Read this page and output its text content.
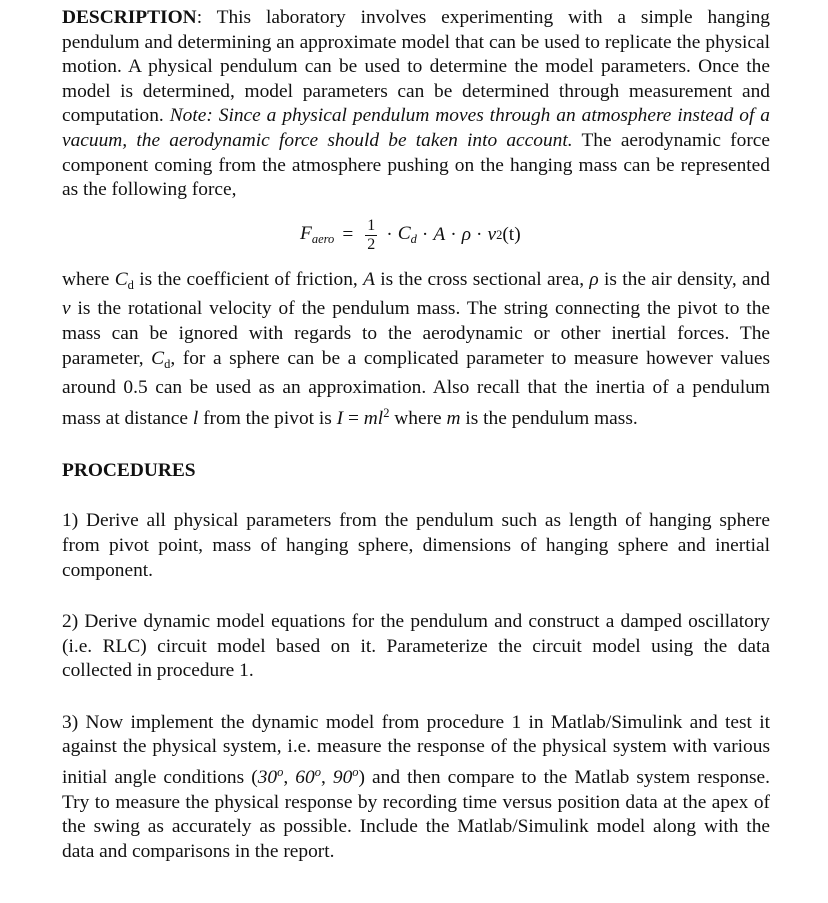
DESCRIPTION: This laboratory involves experimenting with a simple hanging pendulum and determining an approximate model that can be used to replicate the physical motion. A physical pendulum can be used to determine the model parameters. Once the model is determined, model parameters can be determined through measurement and computation. Note: Since a physical pendulum moves through an atmosphere instead of a vacuum, the aerodynamic force should be taken into account. The aerodynamic force component coming from the atmosphere pushing on the hanging mass can be represented as the following force,

$F_{aero} = \frac{1}{2} \cdot C_d \cdot A \cdot \rho \cdot v$ 2 (t)

where $C_d$ is the coefficient of friction, A is the cross sectional area, ρ is the air density, and v is the rotational velocity of the pendulum mass. The string connecting the pivot to the mass can be ignored with regards to the aerodynamic or other inertial forces. The parameter, $C_d$, for a sphere can be a complicated parameter to measure however values around 0.5 can be used as an approximation. Also recall that the inertia of a pendulum mass at distance l from the pivot is $I = ml^2$ where m is the pendulum mass.

PROCEDURES

1) Derive all physical parameters from the pendulum such as length of hanging sphere from pivot point, mass of hanging sphere, dimensions of hanging sphere and inertial component.

2) Derive dynamic model equations for the pendulum and construct a damped oscillatory (i.e. RLC) circuit model based on it. Parameterize the circuit model using the data collected in procedure 1.

3) Now implement the dynamic model from procedure 1 in Matlab/Simulink and test it against the physical system, i.e. measure the response of the physical system with various initial angle conditions (30$^o$, 60$^o$, 90$^o$) and then compare to the Matlab system response. Try to measure the physical response by recording time versus position data at the apex of the swing as accurately as possible. Include the Matlab/Simulink model along with the data and comparisons in the report.
